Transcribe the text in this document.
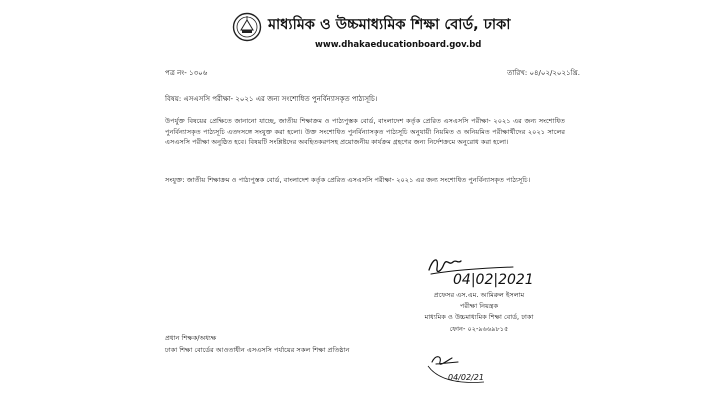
মাধ্যমিক ও উচ্চমাধ্যমিক শিক্ষা বোর্ড, ঢাকা
www.dhakaeducationboard.gov.bd
পত্র নং- ১৩০৬	তারিখ: ০৪/০২/২০২১খ্রি.
বিষয়: এসএসসি পরীক্ষা- ২০২১ এর জন্য সংশোধিত পুনর্বিন্যাসকৃত পাঠ্যসূচি।
উপর্যুক্ত বিষয়ের প্রেক্ষিতে জানানো যাচ্ছে, জাতীয় শিক্ষাক্রম ও পাঠ্যপুস্তক বোর্ড, বাংলাদেশ কর্তৃক প্রেরিত এসএসসি পরীক্ষা- ২০২১ এর জন্য সংশোধিত পুনর্বিন্যাসকৃত পাঠ্যসূচি এতদসঙ্গে সংযুক্ত করা হলো। উক্ত সংশোধিত পুনর্বিন্যাসকৃত পাঠ্যসূচি অনুযায়ী নিয়মিত ও অনিয়মিত পরীক্ষার্থীদের ২০২১ সালের এসএসসি পরীক্ষা অনুষ্ঠিত হবে। বিষয়টি সংশ্লিষ্টদের অবহিতকরণসহ প্রয়োজনীয় কার্যক্রম গ্রহণের জন্য নির্দেশক্রমে অনুরোধ করা হলো।
সংযুক্ত: জাতীয় শিক্ষাক্রম ও পাঠ্যপুস্তক বোর্ড, বাংলাদেশ কর্তৃক প্রেরিত এসএসসি পরীক্ষা- ২০২১ এর জন্য সংশোধিত পুনর্বিন্যাসকৃত পাঠ্যসূচি।
04|02|2021
প্রফেসর এস.এম. আমিরুল ইসলাম
পরীক্ষা নিয়ন্ত্রক
মাধ্যমিক ও উচ্চমাধ্যমিক শিক্ষা বোর্ড, ঢাকা
ফোন- ০২-৯৬৬৯৮১৫
প্রধান শিক্ষক/অধ্যক্ষ
ঢাকা শিক্ষা বোর্ডের আওতাধীন এসএসসি পর্যায়ের সকল শিক্ষা প্রতিষ্ঠান
04/02/21
